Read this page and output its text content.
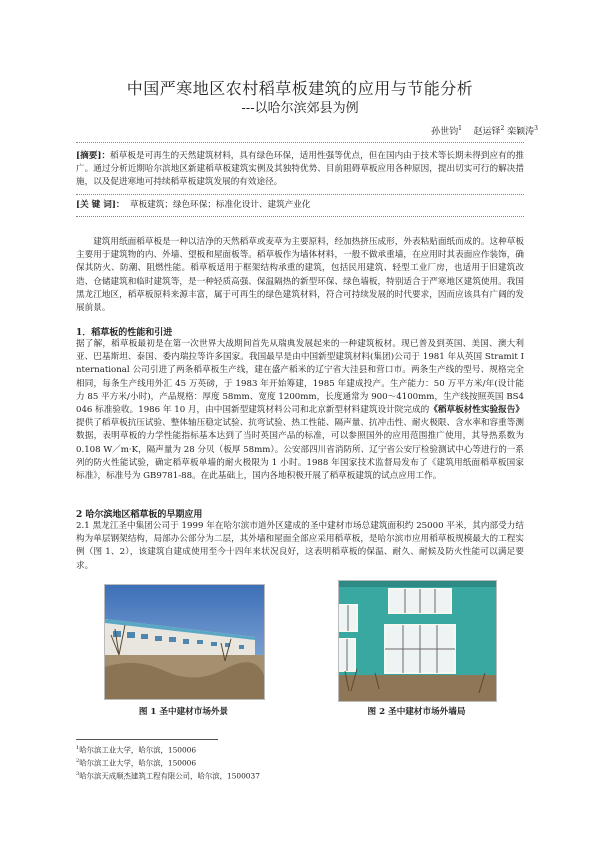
中国严寒地区农村稻草板建筑的应用与节能分析
---以哈尔滨郊县为例
孙世钧$^1$ 赵运铎$^2$ 栾颖涛$^3$
[摘要]：稻草板是可再生的天然建筑材料，具有绿色环保，适用性强等优点，但在国内由于技术等长期未得到应有的推广。通过分析近期哈尔滨地区新建稻草板建筑实例及其独特优势、目前阻碍草板应用各种原因，提出切实可行的解决措施，以及促进寒地可持续稻草板建筑发展的有效途径。
[关 键 词]： 草板建筑；绿色环保；标准化设计、建筑产业化
建筑用纸面稻草板是一种以洁净的天然稻草或麦草为主要原料，经加热挤压成形，外表粘贴面纸而成的。这种草板主要用于建筑物的内、外墙、望板和屋面板等。稻草板作为墙体材料，一般不做承重墙，在应用时其表面应作装饰，确保其防火、防潮、阻燃性能。稻草板适用于框架结构承重的建筑，包括民用建筑、轻型工业厂房，也适用于旧建筑改造、仓储建筑和临时建筑等，是一种轻质高强、保温隔热的新型环保、绿色墙板，特别适合于严寒地区建筑使用。我国黑龙江地区，稻草板原料来源丰富，属于可再生的绿色建筑材料，符合可持续发展的时代要求，因而应该具有广阔的发展前景。
1．稻草板的性能和引进
据了解，稻草板最初是在第一次世界大战期间首先从瑞典发展起来的一种建筑板材。现已普及到英国、美国、澳大利亚、巴基斯坦、泰国、委内瑞拉等许多国家。我国最早是由中国新型建筑材料(集团)公司于 1981 年从英国 Stramit International 公司引进了两条稻草板生产线，建在盛产稻米的辽宁省大洼县和营口市。两条生产线的型号、规格完全相同，每条生产线用外汇 45 万英磅，于 1983 年开始筹建，1985 年建成投产。生产能力：50 万平方米/年(设计能力 85 平方米/小时)，产品规格：厚度 58mm、宽度 1200mm，长度通常为 900～4100mm，生产线按照英国 BS4046 标准验收。1986 年 10 月，由中国新型建筑材料公司和北京新型材料建筑设计院完成的《稻草板材性实验报告》提供了稻草板抗压试验、整体轴压稳定试验、抗弯试验、热工性能、隔声量、抗冲击性、耐火极限、含水率和容重等测数据，表明草板的力学性能指标基本达到了当时英国产品的标准，可以参照国外的应用范围推广使用，其导热系数为 0.108 W／m·K，隔声量为 28 分贝（板厚 58mm）。公安部四川省消防所、辽宁省公安厅检验测试中心等进行的一系列的防火性能试验，确定稻草板单墙的耐火极限为 1 小时。1988 年国家技术监督局发布了《建筑用纸面稻草板国家标准》，标准号为 GB9781-88。在此基础上，国内各地积极开展了稻草板建筑的试点应用工作。
2 哈尔滨地区稻草板的早期应用
2.1 黑龙江圣中集团公司于 1999 年在哈尔滨市道外区建成的圣中建材市场总建筑面积约 25000 平米，其内部受力结构为单层钢架结构，局部办公部分为二层，其外墙和屋面全部应采用稻草板，是哈尔滨市应用稻草板规模最大的工程实例（图 1、2），该建筑自建成使用至今十四年来状况良好，这表明稻草板的保温、耐久、耐候及防火性能可以满足要求。
图 1 圣中建材市场外景	图 2 圣中建材市场外墙局
$^1$哈尔滨工业大学，哈尔滨，150006
$^2$哈尔滨工业大学，哈尔滨，150006
$^3$哈尔滨天成顺杰建筑工程有限公司，哈尔滨，1500037
